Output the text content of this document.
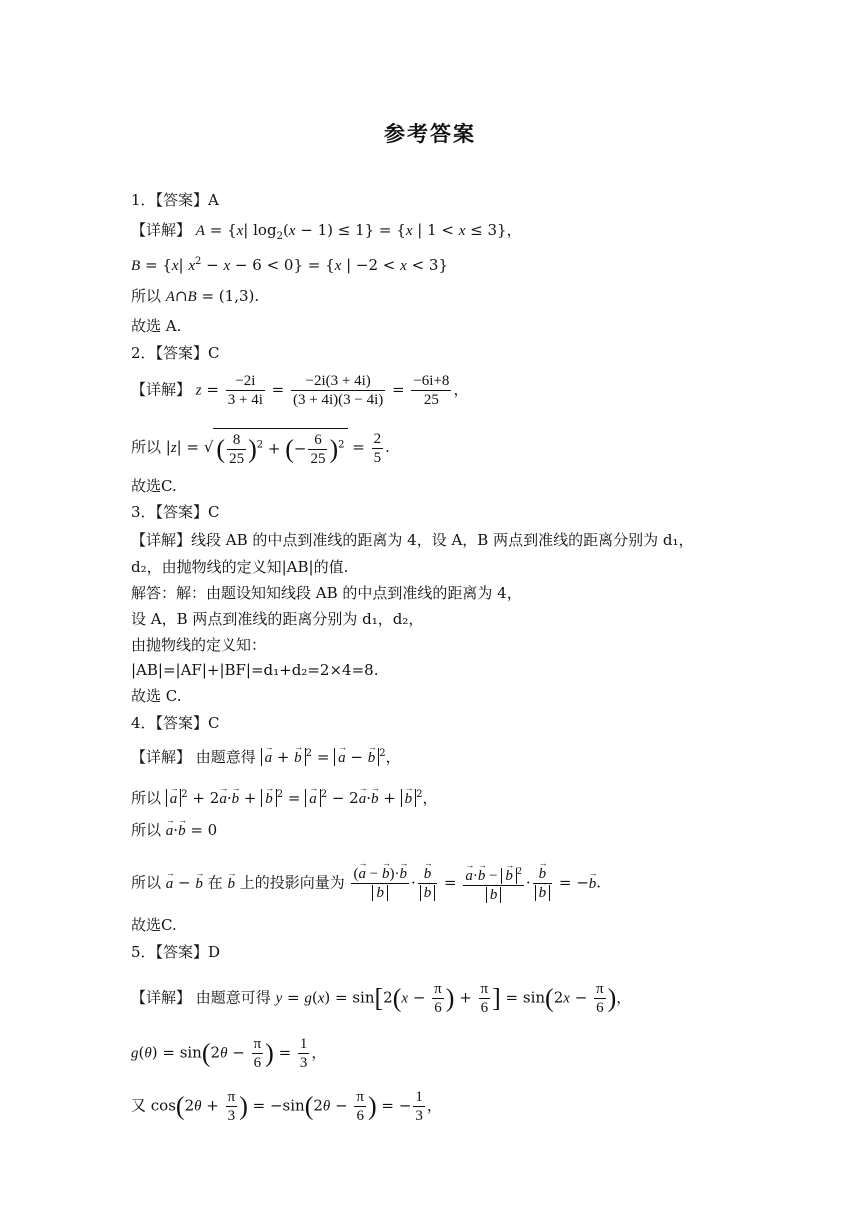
参考答案
1．【答案】A
【详解】 A = {x| $\log_2(x - 1) \le 1\} = \{x$ | 1 < x ≤ 3}，
B = {x| $x^2 - x - 6 < 0\} = \{x$ | −2 < x < 3}
所以 A∩B = (1,3).
故选 A.
2．【答案】C
【详解】 $z = \frac{-2i}{3 + 4i} = \frac{-2i(3 + 4i)}{(3 + 4i)(3 - 4i)} = \frac{-6i+8}{25}$ ，
所以 |z| = √ ( $\frac{8}{25} )^2$ + (− $\frac{6}{25} )^2 = \frac{2}{5}$ .
故选C.
3．【答案】C
【详解】线段 AB 的中点到准线的距离为 4，设 A，B 两点到准线的距离分别为 d₁，
d₂，由抛物线的定义知|AB|的值.
解答：解：由题设知知线段 AB 的中点到准线的距离为 4，
设 A，B 两点到准线的距离分别为 d₁，d₂，
由抛物线的定义知：
|AB|=|AF|+|BF|=d₁+d₂=2×4=8.
故选 C.
4．【答案】C
【详解】 由题意得 → a + → b $^2$ = → a − → b $^2$，
所以 → a $^2$ + 2→ a·→ b + → b $^2$ = → a $^2$ − 2→ a·→ b + → b $^2$，
所以 → a·→ b = 0
所以 → a − → b 在 → b 上的投影向量为 (→ a − → b)·→ b
→ b · → b
→ b = → a·→ b − → b $^2$
→ b · → b
→ b = −→ b.
故选C.
5．【答案】D
【详解】 由题意可得 $y = g(x) = \sin[2(x - \frac{\pi}{6}$ ) + $\frac{\pi}{6}$ ] = $\sin(2x - \frac{\pi}{6}$ )，
$g(\theta) = \sin(2\theta - \frac{\pi}{6}$ ) = $\frac{1}{3}$ ，
又 $\cos(2\theta + \frac{\pi}{3}$ ) = $-\sin(2\theta - \frac{\pi}{6}$ ) = − $\frac{1}{3}$ ，
